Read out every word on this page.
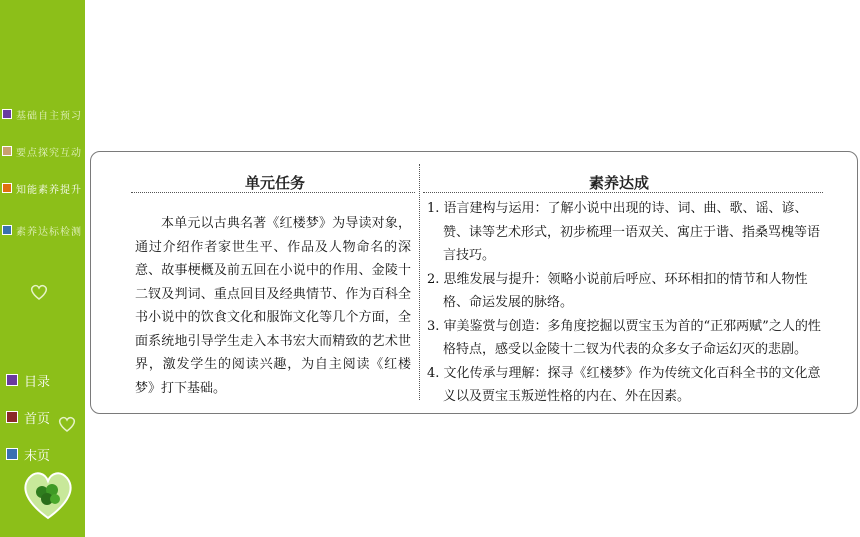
基础自主预习
要点探究互动
知能素养提升
素养达标检测
目录
首页
末页
单元任务	素养达成
本单元以古典名著《红楼梦》为导读对象，通过介绍作者家世生平、作品及人物命名的深意、故事梗概及前五回在小说中的作用、金陵十二钗及判词、重点回目及经典情节、作为百科全书小说中的饮食文化和服饰文化等几个方面，全面系统地引导学生走入本书宏大而精致的艺术世界，激发学生的阅读兴趣，为自主阅读《红楼梦》打下基础。
1. 语言建构与运用：了解小说中出现的诗、词、曲、歌、谣、谚、赞、诔等艺术形式，初步梳理一语双关、寓庄于谐、指桑骂槐等语言技巧。
2. 思维发展与提升：领略小说前后呼应、环环相扣的情节和人物性格、命运发展的脉络。
3. 审美鉴赏与创造：多角度挖掘以贾宝玉为首的“正邪两赋”之人的性格特点，感受以金陵十二钗为代表的众多女子命运幻灭的悲剧。
4. 文化传承与理解：探寻《红楼梦》作为传统文化百科全书的文化意义以及贾宝玉叛逆性格的内在、外在因素。
